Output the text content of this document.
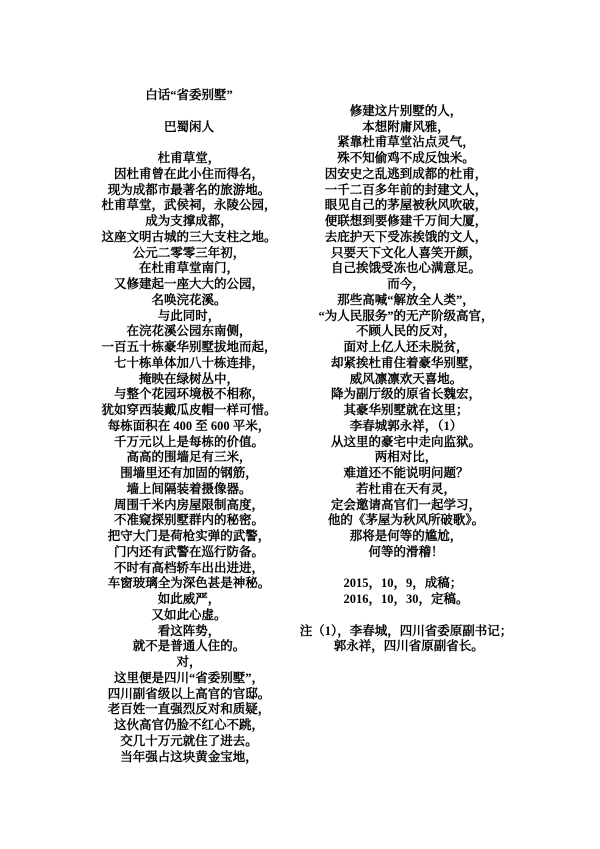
白话“省委别墅”
巴蜀闲人
杜甫草堂，
因杜甫曾在此小住而得名，
现为成都市最著名的旅游地。
杜甫草堂，武侯祠，永陵公园，
成为支撑成都，
这座文明古城的三大支柱之地。
公元二零零三年初，
在杜甫草堂南门，
又修建起一座大大的公园，
名唤浣花溪。
与此同时，
在浣花溪公园东南侧，
一百五十栋豪华别墅拔地而起，
七十栋单体加八十栋连排，
掩映在绿树丛中，
与整个花园环境极不相称，
犹如穿西装戴瓜皮帽一样可惜。
每栋面积在 400 至 600 平米，
千万元以上是每栋的价值。
高高的围墙足有三米，
围墙里还有加固的钢筋，
墙上间隔装着摄像器。
周围千米内房屋限制高度，
不准窥探别墅群内的秘密。
把守大门是荷枪实弹的武警，
门内还有武警在巡行防备。
不时有高档轿车出出进进，
车窗玻璃全为深色甚是神秘。
如此威严，
又如此心虚。
看这阵势，
就不是普通人住的。
对，
这里便是四川“省委别墅”，
四川副省级以上高官的官邸。
老百姓一直强烈反对和质疑，
这伙高官仍脸不红心不跳，
交几十万元就住了进去。
当年强占这块黄金宝地，
修建这片别墅的人，
本想附庸风雅，
紧靠杜甫草堂沾点灵气，
殊不知偷鸡不成反蚀米。
因安史之乱逃到成都的杜甫，
一千二百多年前的封建文人，
眼见自己的茅屋被秋风吹破，
便联想到要修建千万间大厦，
去庇护天下受冻挨饿的文人，
只要天下文化人喜笑开颜，
自己挨饿受冻也心满意足。
而今，
那些高喊“解放全人类”，
“为人民服务”的无产阶级高官，
不顾人民的反对，
面对上亿人还未脱贫，
却紧挨杜甫住着豪华别墅，
威风凛凛欢天喜地。
降为副厅级的原省长魏宏，
其豪华别墅就在这里；
李春城郭永祥，（1）
从这里的豪宅中走向监狱。
两相对比，
难道还不能说明问题？
若杜甫在天有灵，
定会邀请高官们一起学习，
他的《茅屋为秋风所破歌》。
那将是何等的尴尬，
何等的滑稽！
2015，10，9，成稿；
2016，10，30，定稿。
注（1），李春城，四川省委原副书记；
郭永祥，四川省原副省长。
